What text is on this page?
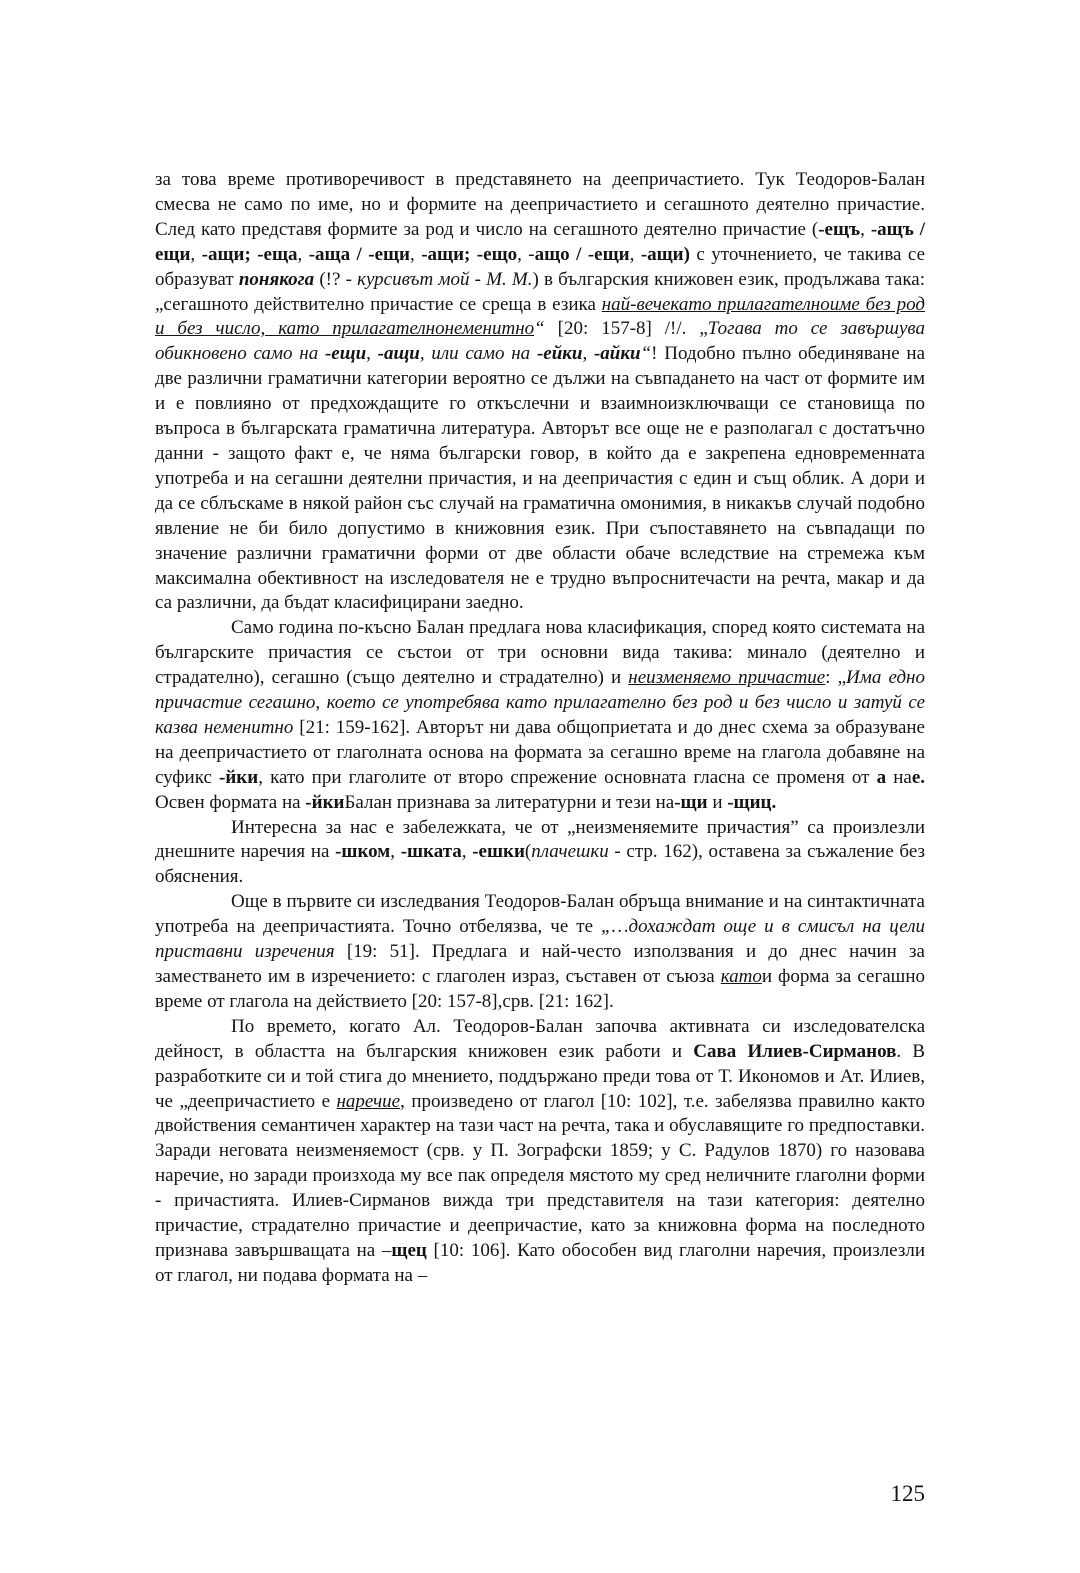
за това време противоречивост в представянето на деепричастието. Тук Теодоров-Балан смесва не само по име, но и формите на деепричастието и сегашното деятелно причастие. След като представя формите за род и число на сегашното деятелно причастие (-ещъ, -ащъ / ещи, -ащи; -еща, -аща / -ещи, -ащи; -ещо, -ащо / -ещи, -ащи) с уточнението, че такива се образуват понякога (!? - курсивът мой - М. М.) в българския книжовен език, продължава така: „сегашното действително причастие се среща в езика най-вечекато прилагателноиме без род и без число, като прилагателнонеменитно“ [20: 157-8] /!/. „Тогава то се завършува обикновено само на -ещи, -ащи, или само на -ейки, -айки“! Подобно пълно обединяване на две различни граматични категории вероятно се дължи на съвпадането на част от формите им и е повлияно от предхождащите го откъслечни и взаимноизключващи се становища по въпроса в българската граматична литература. Авторът все още не е разполагал с достатъчно данни - защото факт е, че няма български говор, в който да е закрепена едновременната употреба и на сегашни деятелни причастия, и на деепричастия с един и същ облик. А дори и да се сблъскаме в някой район със случай на граматична омонимия, в никакъв случай подобно явление не би било допустимо в книжовния език. При съпоставянето на съвпадащи по значение различни граматични форми от две области обаче вследствие на стремежа към максимална обективност на изследователя не е трудно въпроснитечасти на речта, макар и да са различни, да бъдат класифицирани заедно.

Само година по-късно Балан предлага нова класификация, според която системата на българските причастия се състои от три основни вида такива: минало (деятелно и страдателно), сегашно (също деятелно и страдателно) и неизменяемо причастие: „Има едно причастие сегашно, което се употребява като прилагателно без род и без число и затуй се казва неменитно [21: 159-162]. Авторът ни дава общоприетата и до днес схема за образуване на деепричастието от глаголната основа на формата за сегашно време на глагола добавяне на суфикс -йки, като при глаголите от второ спрежение основната гласна се променя от а нае. Освен формата на -йкиБалан признава за литературни и тези на-щи и -щиц.

Интересна за нас е забележката, че от „неизменяемите причастия” са произлезли днешните наречия на -шком, -шката, -ешки(плачешки - стр. 162), оставена за съжаление без обяснения.

Още в първите си изследвания Теодоров-Балан обръща внимание и на синтактичната употреба на деепричастията. Точно отбелязва, че те „…дохаждат още и в смисъл на цели приставни изречения [19: 51]. Предлага и най-често използвания и до днес начин за заместването им в изречението: с глаголен израз, съставен от съюза катои форма за сегашно време от глагола на действието [20: 157-8],срв. [21: 162].

По времето, когато Ал. Теодоров-Балан започва активната си изследователска дейност, в областта на българския книжовен език работи и Сава Илиев-Сирманов. В разработките си и той стига до мнението, поддържано преди това от Т. Икономов и Ат. Илиев, че „деепричастието е наречие, произведено от глагол [10: 102], т.е. забелязва правилно както двойствения семантичен характер на тази част на речта, така и обуславящите го предпоставки. Заради неговата неизменяемост (срв. у П. Зографски 1859; у С. Радулов 1870) го назовава наречие, но заради произхода му все пак определя мястото му сред неличните глаголни форми - причастията. Илиев-Сирманов вижда три представителя на тази категория: деятелно причастие, страдателно причастие и деепричастие, като за книжовна форма на последното признава завършващата на –щец [10: 106]. Като обособен вид глаголни наречия, произлезли от глагол, ни подава формата на –

125
